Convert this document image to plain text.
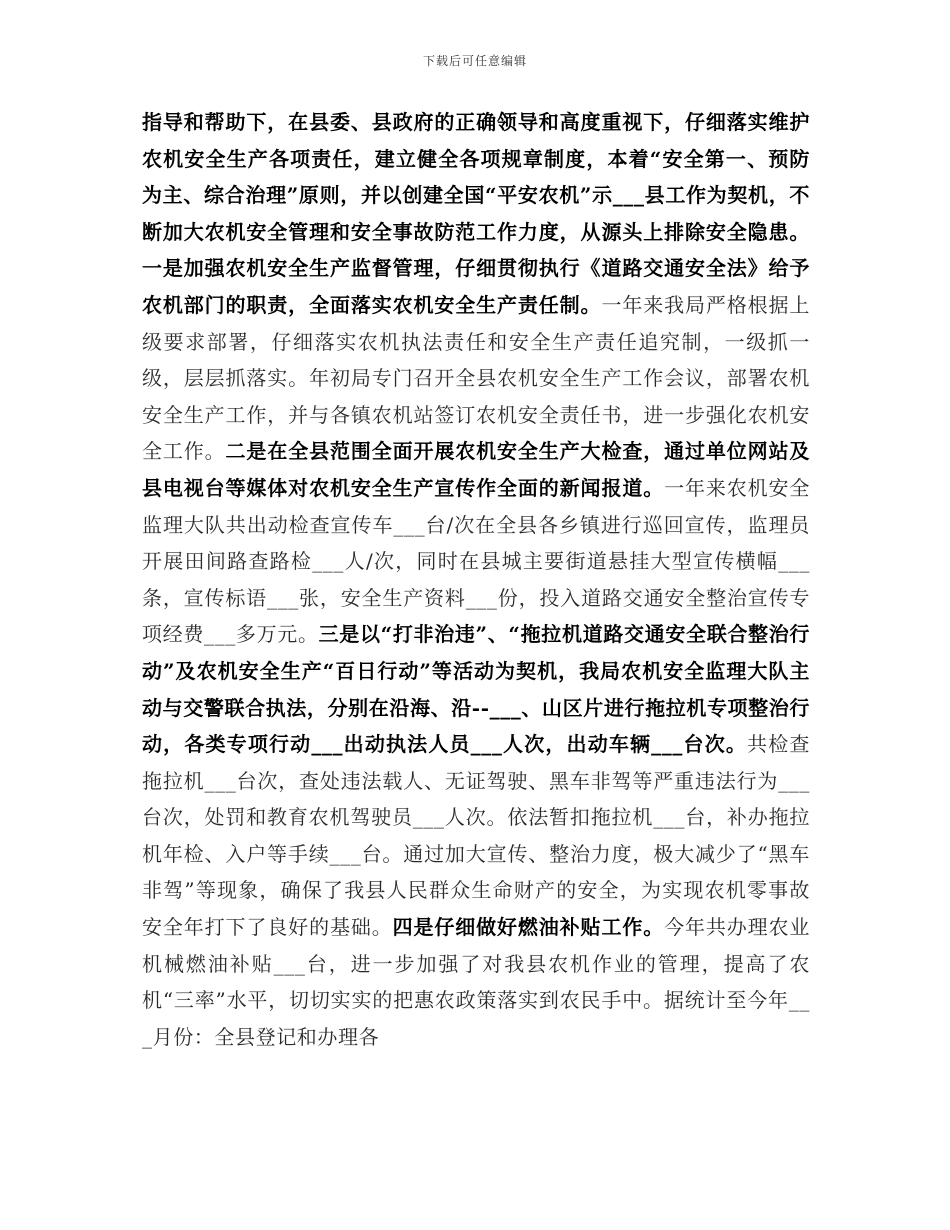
下载后可任意编辑
指导和帮助下，在县委、县政府的正确领导和高度重视下，仔细落实维护农机安全生产各项责任，建立健全各项规章制度，本着“安全第一、预防为主、综合治理”原则，并以创建全国“平安农机”示___县工作为契机，不断加大农机安全管理和安全事故防范工作力度，从源头上排除安全隐患。一是加强农机安全生产监督管理，仔细贯彻执行《道路交通安全法》给予农机部门的职责，全面落实农机安全生产责任制。一年来我局严格根据上级要求部署，仔细落实农机执法责任和安全生产责任追究制，一级抓一级，层层抓落实。年初局专门召开全县农机安全生产工作会议，部署农机安全生产工作，并与各镇农机站签订农机安全责任书，进一步强化农机安全工作。二是在全县范围全面开展农机安全生产大检查，通过单位网站及县电视台等媒体对农机安全生产宣传作全面的新闻报道。一年来农机安全监理大队共出动检查宣传车___台/次在全县各乡镇进行巡回宣传，监理员开展田间路查路检___人/次，同时在县城主要街道悬挂大型宣传横幅___条，宣传标语___张，安全生产资料___份，投入道路交通安全整治宣传专项经费___多万元。三是以“打非治违”、“拖拉机道路交通安全联合整治行动”及农机安全生产“百日行动”等活动为契机，我局农机安全监理大队主动与交警联合执法，分别在沿海、沿--___、山区片进行拖拉机专项整治行动，各类专项行动___出动执法人员___人次，出动车辆___台次。共检查拖拉机___台次，查处违法载人、无证驾驶、黑车非驾等严重违法行为___台次，处罚和教育农机驾驶员___人次。依法暂扣拖拉机___台，补办拖拉机年检、入户等手续___台。通过加大宣传、整治力度，极大减少了“黑车非驾”等现象，确保了我县人民群众生命财产的安全，为实现农机零事故安全年打下了良好的基础。四是仔细做好燃油补贴工作。今年共办理农业机械燃油补贴___台，进一步加强了对我县农机作业的管理，提高了农机“三率”水平，切切实实的把惠农政策落实到农民手中。据统计至今年___月份：全县登记和办理各
